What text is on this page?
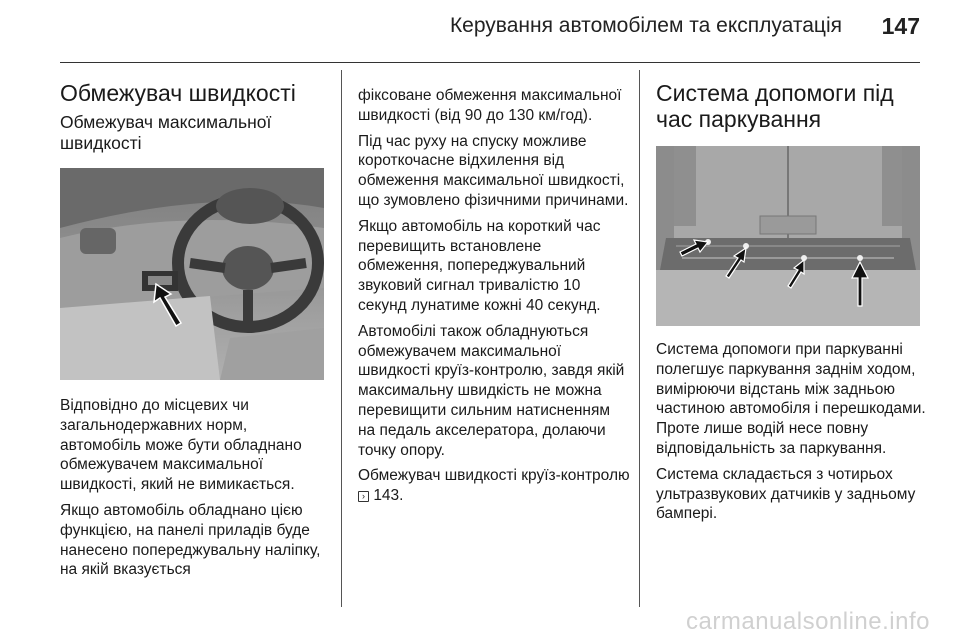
Керування автомобілем та експлуатація 147
Обмежувач швидкості
Обмежувач максимальної швидкості

Відповідно до місцевих чи загальнодержавних норм, автомобіль може бути обладнано обмежувачем максимальної швидкості, який не вимикається.

Якщо автомобіль обладнано цією функцією, на панелі приладів буде нанесено попереджувальну наліпку, на якій вказується

фіксоване обмеження максимальної швидкості (від 90 до 130 км/год).

Під час руху на спуску можливе короткочасне відхилення від обмеження максимальної швидкості, що зумовлено фізичними причинами.

Якщо автомобіль на короткий час перевищить встановлене обмеження, попереджувальний звуковий сигнал тривалістю 10 секунд лунатиме кожні 40 секунд.

Автомобілі також обладнуються обмежувачем максимальної швидкості круїз-контролю, завдя якій максимальну швидкість не можна перевищити сильним натисненням на педаль акселератора, долаючи точку опору.

Обмежувач швидкості круїз-контролю › 143.

Система допомоги під час паркування

Система допомоги при паркуванні полегшує паркування заднім ходом, вимірюючи відстань між задньою частиною автомобіля і перешкодами. Проте лише водій несе повну відповідальність за паркування.

Система складається з чотирьох ультразвукових датчиків у задньому бампері.

carmanualsonline.info
